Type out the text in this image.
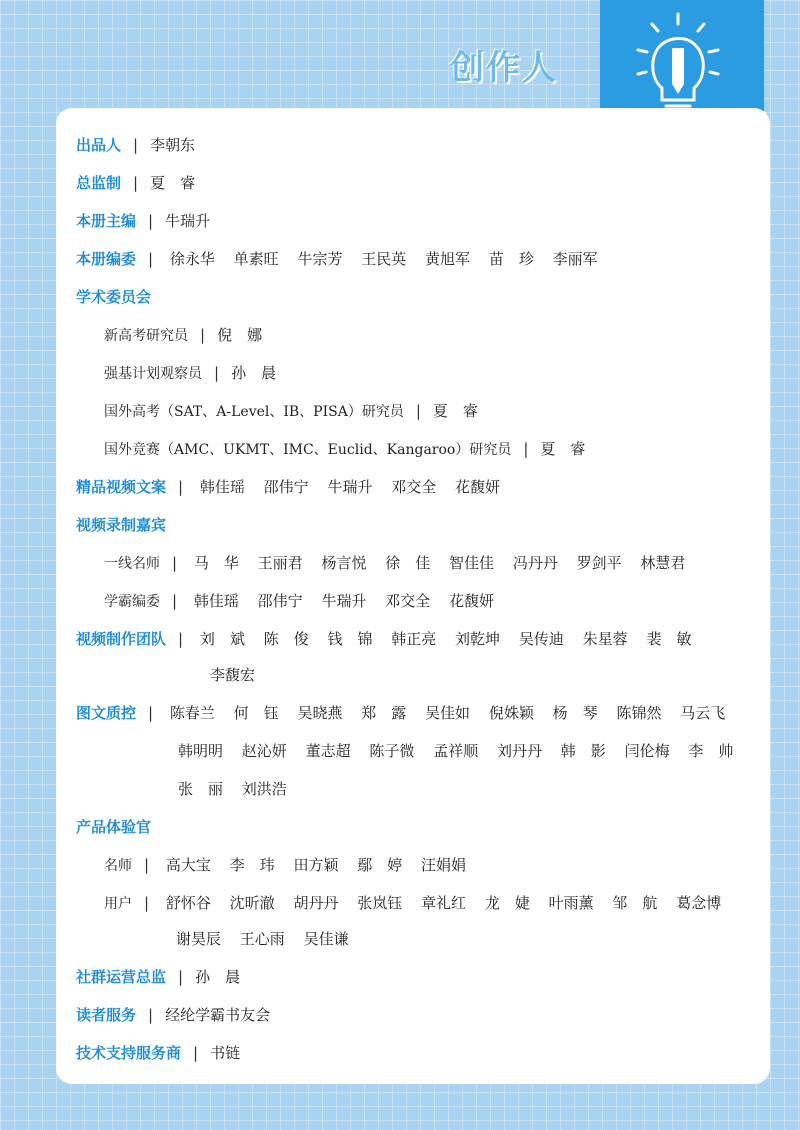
创作人
出品人 | 李朝东
总监制 | 夏　睿
本册主编 | 牛瑞升
本册编委 | 徐永华 单素旺 牛宗芳 王民英 黄旭军 苗　珍 李丽军
学术委员会
新高考研究员 | 倪　娜
强基计划观察员 | 孙　晨
国外高考（SAT、A-Level、IB、PISA）研究员 | 夏　睿
国外竞赛（AMC、UKMT、IMC、Euclid、Kangaroo）研究员 | 夏　睿
精品视频文案 | 韩佳瑶 邵伟宁 牛瑞升 邓交全 花馥妍
视频录制嘉宾
一线名师 | 马　华 王丽君 杨言悦 徐　佳 智佳佳 冯丹丹 罗剑平 林慧君
学霸编委 | 韩佳瑶 邵伟宁 牛瑞升 邓交全 花馥妍
视频制作团队 | 刘　斌 陈　俊 钱　锦 韩正亮 刘乾坤 吴传迪 朱星蓉 裴　敏
李馥宏
图文质控 | 陈春兰 何　钰 吴晓燕 郑　露 吴佳如 倪姝颖 杨　琴 陈锦然 马云飞
韩明明 赵沁妍 董志超 陈子微 孟祥顺 刘丹丹 韩　影 闫伦梅 李　帅
张　丽 刘洪浩
产品体验官
名师 | 高大宝 李　玮 田方颖 鄢　婷 汪娟娟
用户 | 舒怀谷 沈昕澈 胡丹丹 张岚钰 章礼红 龙　婕 叶雨薰 邹　航 葛念博
谢昊辰 王心雨 吴佳谦
社群运营总监 | 孙　晨
读者服务 | 经纶学霸书友会
技术支持服务商 | 书链
